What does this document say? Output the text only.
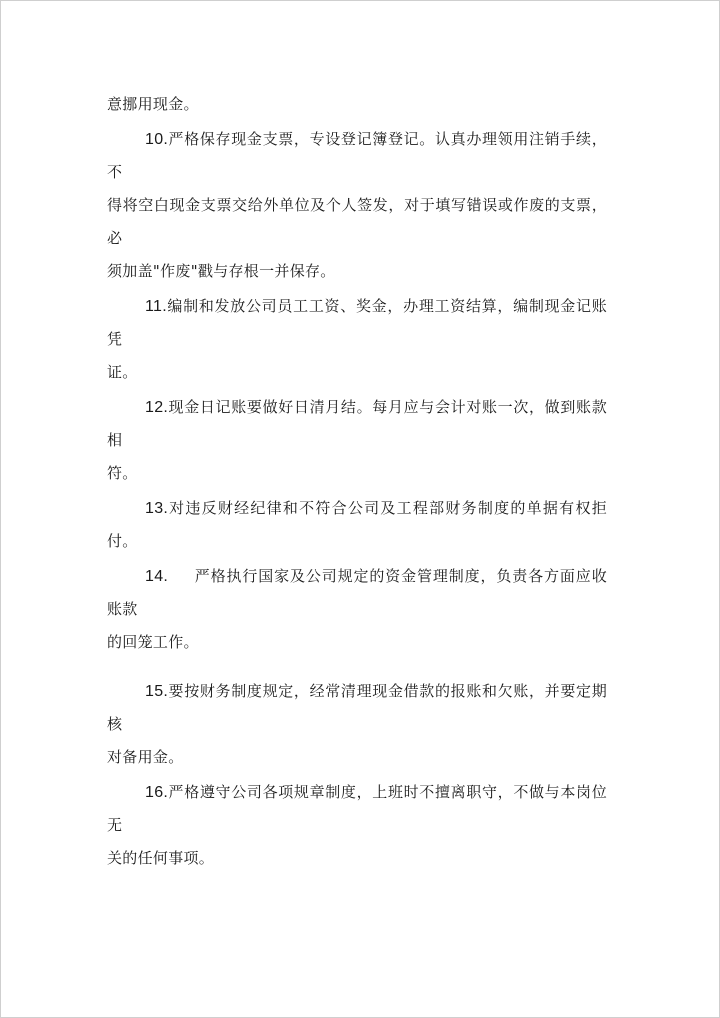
意挪用现金。

10.严格保存现金支票，专设登记簿登记。认真办理领用注销手续，不
得将空白现金支票交给外单位及个人签发，对于填写错误或作废的支票，必
须加盖"作废"戳与存根一并保存。

11.编制和发放公司员工工资、奖金，办理工资结算，编制现金记账凭
证。

12.现金日记账要做好日清月结。每月应与会计对账一次，做到账款相
符。

13.对违反财经纪律和不符合公司及工程部财务制度的单据有权拒付。

14. 严格执行国家及公司规定的资金管理制度，负责各方面应收账款
的回笼工作。

15.要按财务制度规定，经常清理现金借款的报账和欠账，并要定期核
对备用金。

16.严格遵守公司各项规章制度，上班时不擅离职守，不做与本岗位无
关的任何事项。
